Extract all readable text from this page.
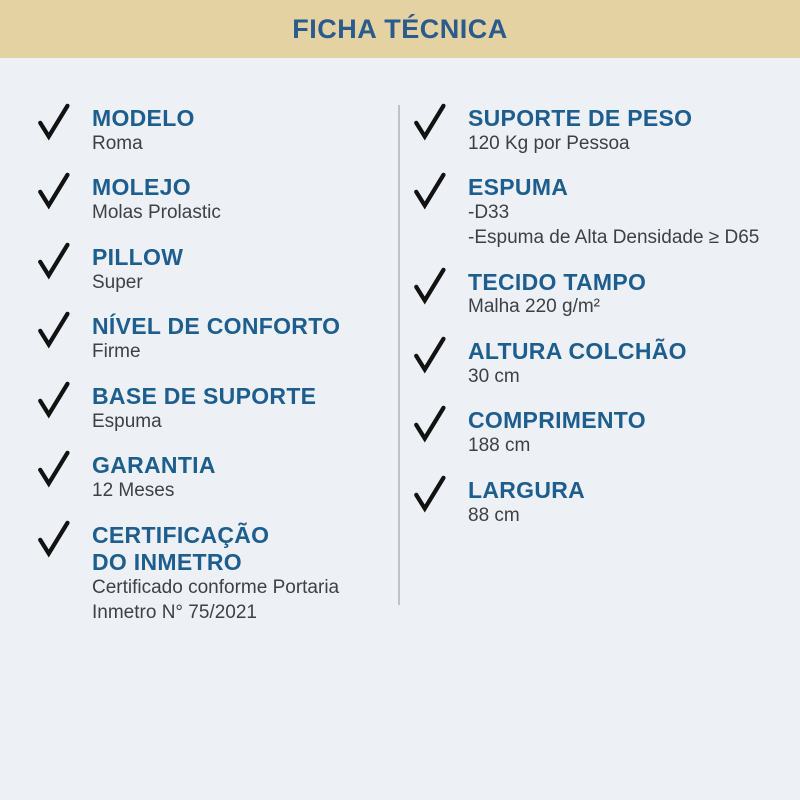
FICHA TÉCNICA
MODELO
Roma
MOLEJO
Molas Prolastic
PILLOW
Super
NÍVEL DE CONFORTO
Firme
BASE DE SUPORTE
Espuma
GARANTIA
12 Meses
CERTIFICAÇÃO
DO INMETRO
Certificado conforme Portaria
Inmetro N° 75/2021
SUPORTE DE PESO
120 Kg por Pessoa
ESPUMA
-D33
-Espuma de Alta Densidade ≥ D65
TECIDO TAMPO
Malha 220 g/m²
ALTURA COLCHÃO
30 cm
COMPRIMENTO
188 cm
LARGURA
88 cm
